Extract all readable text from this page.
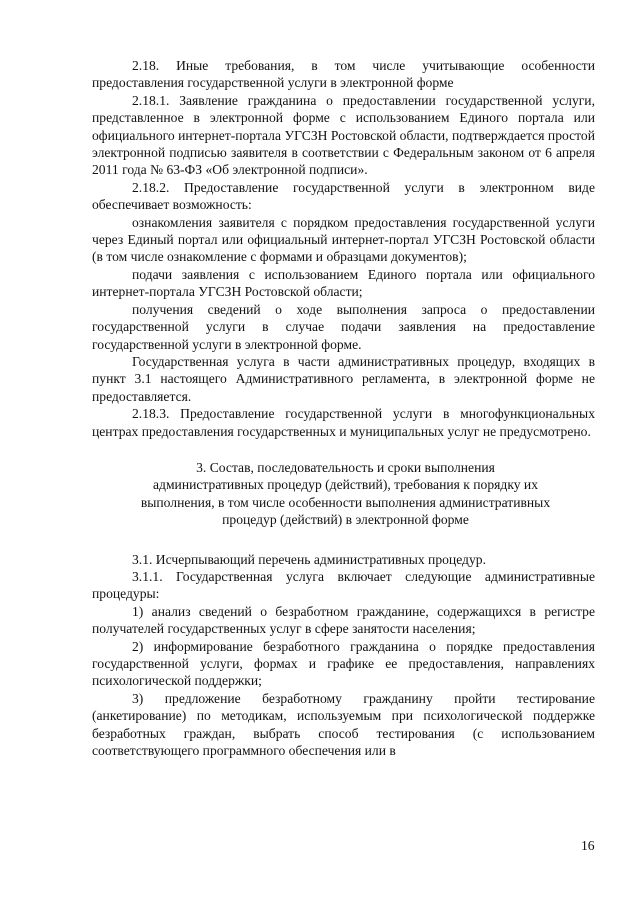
2.18. Иные требования, в том числе учитывающие особенности предоставления государственной услуги в электронной форме

2.18.1. Заявление гражданина о предоставлении государственной услуги, представленное в электронной форме с использованием Единого портала или официального интернет-портала УГСЗН Ростовской области, подтверждается простой электронной подписью заявителя в соответствии с Федеральным законом от 6 апреля 2011 года № 63-ФЗ «Об электронной подписи».

2.18.2. Предоставление государственной услуги в электронном виде обеспечивает возможность:

ознакомления заявителя с порядком предоставления государственной услуги через Единый портал или официальный интернет-портал УГСЗН Ростовской области (в том числе ознакомление с формами и образцами документов);

подачи заявления с использованием Единого портала или официального интернет-портала УГСЗН Ростовской области;

получения сведений о ходе выполнения запроса о предоставлении государственной услуги в случае подачи заявления на предоставление государственной услуги в электронной форме.

Государственная услуга в части административных процедур, входящих в пункт 3.1 настоящего Административного регламента, в электронной форме не предоставляется.

2.18.3. Предоставление государственной услуги в многофункциональных центрах предоставления государственных и муниципальных услуг не предусмотрено.

3. Состав, последовательность и сроки выполнения
административных процедур (действий), требования к порядку их
выполнения, в том числе особенности выполнения административных
процедур (действий) в электронной форме

3.1. Исчерпывающий перечень административных процедур.

3.1.1. Государственная услуга включает следующие административные процедуры:

1) анализ сведений о безработном гражданине, содержащихся в регистре получателей государственных услуг в сфере занятости населения;

2) информирование безработного гражданина о порядке предоставления государственной услуги, формах и графике ее предоставления, направлениях психологической поддержки;

3) предложение безработному гражданину пройти тестирование (анкетирование) по методикам, используемым при психологической поддержке безработных граждан, выбрать способ тестирования (с использованием соответствующего программного обеспечения или в

16
